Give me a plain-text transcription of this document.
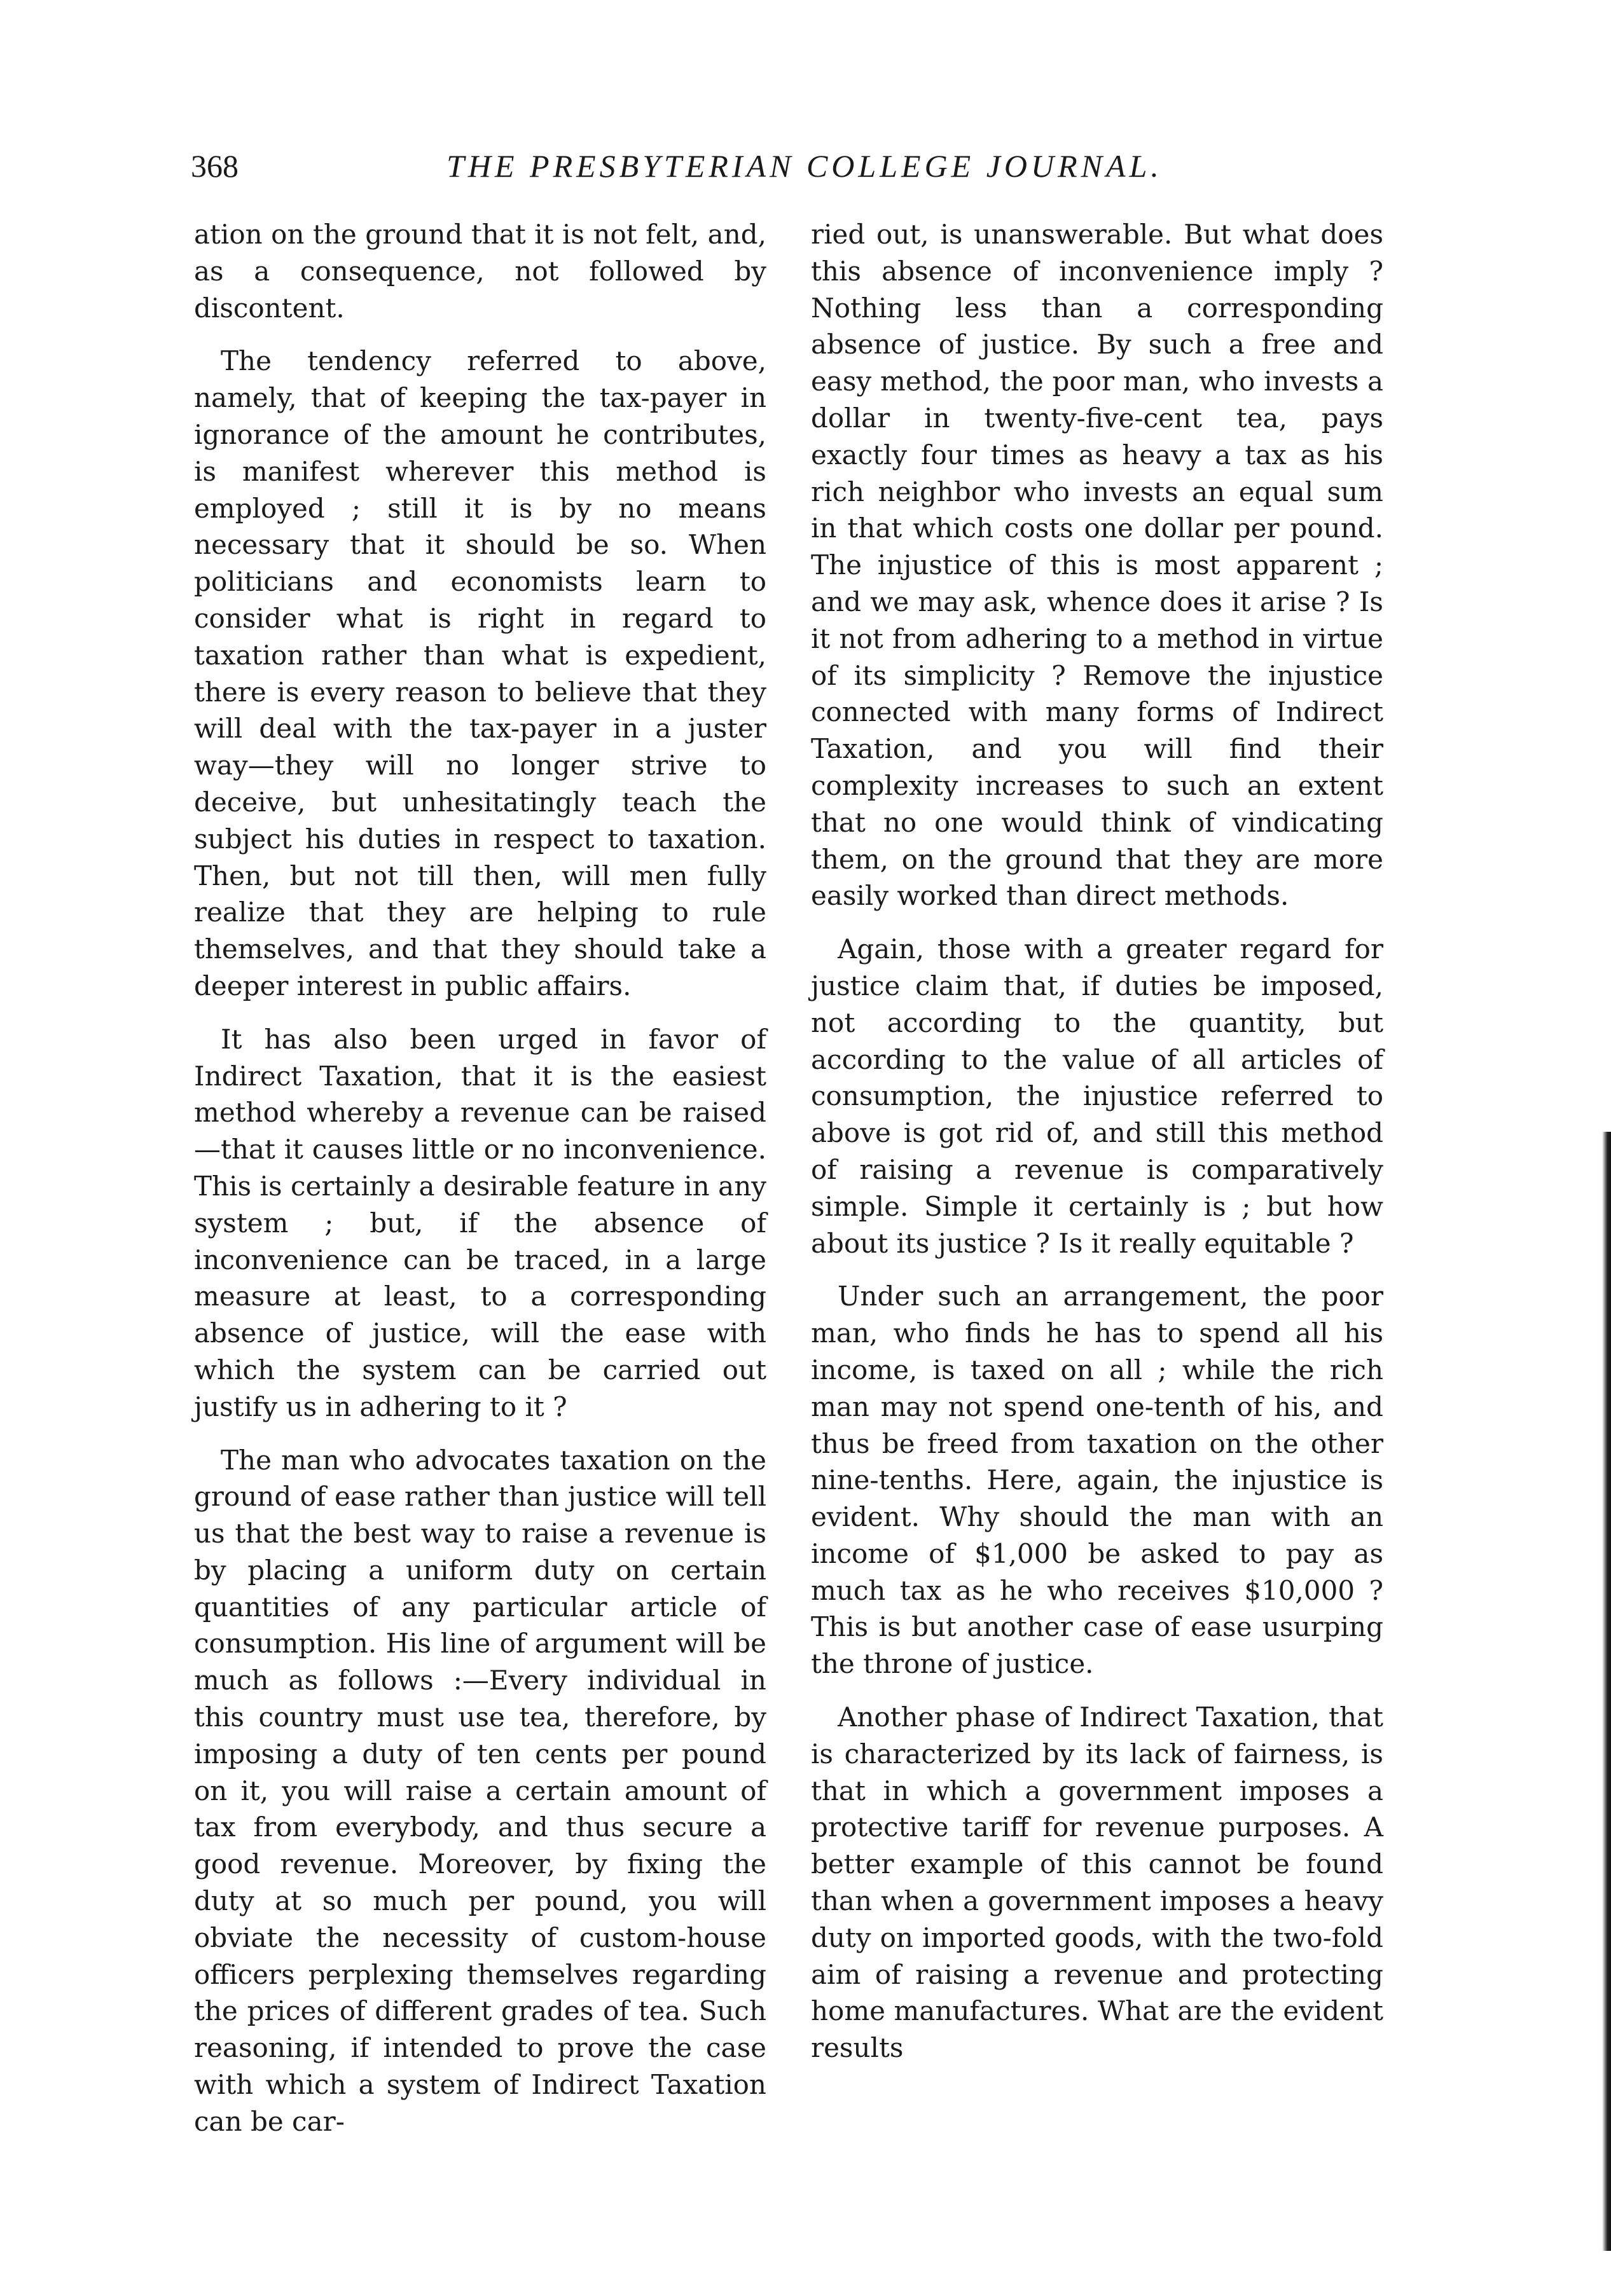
368	THE PRESBYTERIAN COLLEGE JOURNAL.

ation on the ground that it is not felt, and, as a consequence, not followed by discontent.

The tendency referred to above, namely, that of keeping the tax-payer in ignorance of the amount he contributes, is manifest wherever this method is employed ; still it is by no means necessary that it should be so. When politicians and economists learn to consider what is right in regard to taxation rather than what is expedient, there is every reason to believe that they will deal with the tax-payer in a juster way—they will no longer strive to deceive, but unhesitatingly teach the subject his duties in respect to taxation. Then, but not till then, will men fully realize that they are helping to rule themselves, and that they should take a deeper interest in public affairs.

It has also been urged in favor of Indirect Taxation, that it is the easiest method whereby a revenue can be raised —that it causes little or no inconvenience. This is certainly a desirable feature in any system ; but, if the absence of inconvenience can be traced, in a large measure at least, to a corresponding absence of justice, will the ease with which the system can be carried out justify us in adhering to it ?

The man who advocates taxation on the ground of ease rather than justice will tell us that the best way to raise a revenue is by placing a uniform duty on certain quantities of any particular article of consumption. His line of argument will be much as follows :—Every individual in this country must use tea, therefore, by imposing a duty of ten cents per pound on it, you will raise a certain amount of tax from everybody, and thus secure a good revenue. Moreover, by fixing the duty at so much per pound, you will obviate the necessity of custom-house officers perplexing themselves regarding the prices of different grades of tea. Such reasoning, if intended to prove the case with which a system of Indirect Taxation can be car-

ried out, is unanswerable. But what does this absence of inconvenience imply ? Nothing less than a corresponding absence of justice. By such a free and easy method, the poor man, who invests a dollar in twenty-five-cent tea, pays exactly four times as heavy a tax as his rich neighbor who invests an equal sum in that which costs one dollar per pound. The injustice of this is most apparent ; and we may ask, whence does it arise ? Is it not from adhering to a method in virtue of its simplicity ? Remove the injustice connected with many forms of Indirect Taxation, and you will find their complexity increases to such an extent that no one would think of vindicating them, on the ground that they are more easily worked than direct methods.

Again, those with a greater regard for justice claim that, if duties be imposed, not according to the quantity, but according to the value of all articles of consumption, the injustice referred to above is got rid of, and still this method of raising a revenue is comparatively simple. Simple it certainly is ; but how about its justice ? Is it really equitable ?

Under such an arrangement, the poor man, who finds he has to spend all his income, is taxed on all ; while the rich man may not spend one-tenth of his, and thus be freed from taxation on the other nine-tenths. Here, again, the injustice is evident. Why should the man with an income of $1,000 be asked to pay as much tax as he who receives $10,000 ? This is but another case of ease usurping the throne of justice.

Another phase of Indirect Taxation, that is characterized by its lack of fairness, is that in which a government imposes a protective tariff for revenue purposes. A better example of this cannot be found than when a government imposes a heavy duty on imported goods, with the two-fold aim of raising a revenue and protecting home manufactures. What are the evident results
